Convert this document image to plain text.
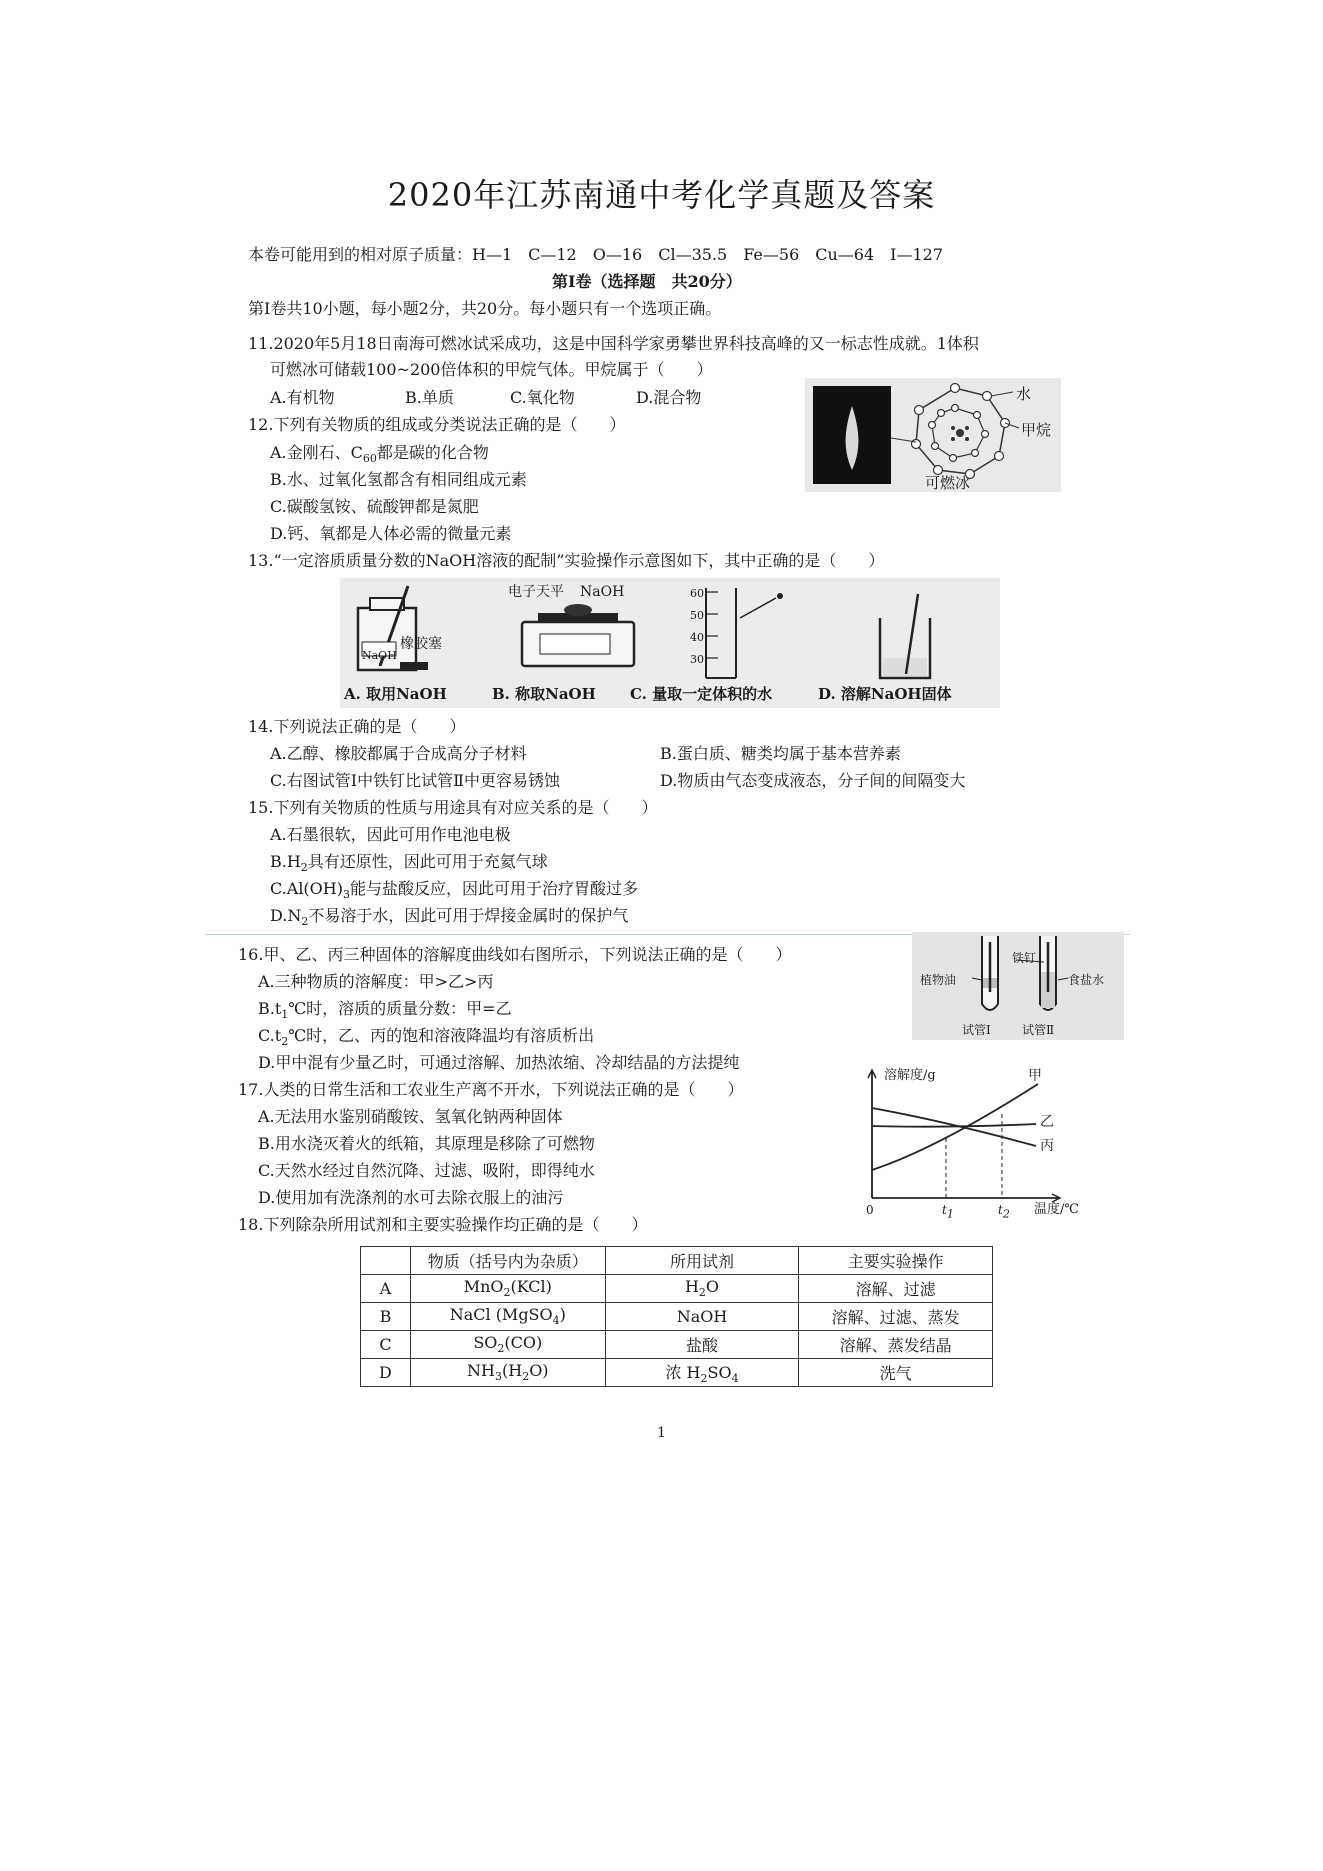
2020年江苏南通中考化学真题及答案
本卷可能用到的相对原子质量：H—1　C—12　O—16　Cl—35.5　Fe—56　Cu—64　I—127
第Ⅰ卷（选择题　共20分）
第Ⅰ卷共10小题，每小题2分，共20分。每小题只有一个选项正确。
11.2020年5月18日南海可燃冰试采成功，这是中国科学家勇攀世界科技高峰的又一标志性成就。1体积
可燃冰可储载100~200倍体积的甲烷气体。甲烷属于（　　）
A.有机物	B.单质	C.氧化物	D.混合物	水
甲烷
可燃冰
12.下列有关物质的组成或分类说法正确的是（　　）
A.金刚石、$C_{60}$都是碳的化合物
B.水、过氧化氢都含有相同组成元素
C.碳酸氢铵、硫酸钾都是氮肥
D.钙、氧都是人体必需的微量元素
13.“一定溶质质量分数的NaOH溶液的配制”实验操作示意图如下，其中正确的是（　　）
NaOH
橡胶塞
电子天平 NaOH	60
50
40
30
A. 取用NaOH	B. 称取NaOH C. 量取一定体积的水	D. 溶解NaOH固体
14.下列说法正确的是（　　）
A.乙醇、橡胶都属于合成高分子材料	B.蛋白质、糖类均属于基本营养素
C.右图试管Ⅰ中铁钉比试管Ⅱ中更容易锈蚀	D.物质由气态变成液态，分子间的间隔变大
15.下列有关物质的性质与用途具有对应关系的是（　　）
A.石墨很软，因此可用作电池电极
$B.H_2$具有还原性，因此可用于充氦气球
$C.Al(OH)_3$能与盐酸反应，因此可用于治疗胃酸过多
$D.N_2$不易溶于水，因此可用于焊接金属时的保护气
16.甲、乙、丙三种固体的溶解度曲线如右图所示，下列说法正确的是（　　）
A.三种物质的溶解度：甲>乙>丙
$B.t_1℃$时，溶质的质量分数：甲=乙
$C.t_2℃$时，乙、丙的饱和溶液降温均有溶质析出
D.甲中混有少量乙时，可通过溶解、加热浓缩、冷却结晶的方法提纯
植物油
铁钉
食盐水
试管Ⅰ	试管Ⅱ
溶解度/g
温度/℃
0	$t_1$	$t_2$
甲
乙
丙
17.人类的日常生活和工农业生产离不开水，下列说法正确的是（　　）
A.无法用水鉴别硝酸铵、氢氧化钠两种固体
B.用水浇灭着火的纸箱，其原理是移除了可燃物
C.天然水经过自然沉降、过滤、吸附，即得纯水
D.使用加有洗涤剂的水可去除衣服上的油污
18.下列除杂所用试剂和主要实验操作均正确的是（　　）
	物质（括号内为杂质）	所用试剂	主要实验操作
A	MnO$_2$(KCl)	$H_2O$	溶解、过滤
B	NaCl (MgSO$_4$)	NaOH	溶解、过滤、蒸发
C	$SO_2(CO)$	盐酸	溶解、蒸发结晶
D	$NH_3(H_2O)$	浓 $H_2SO_4$	洗气
1
